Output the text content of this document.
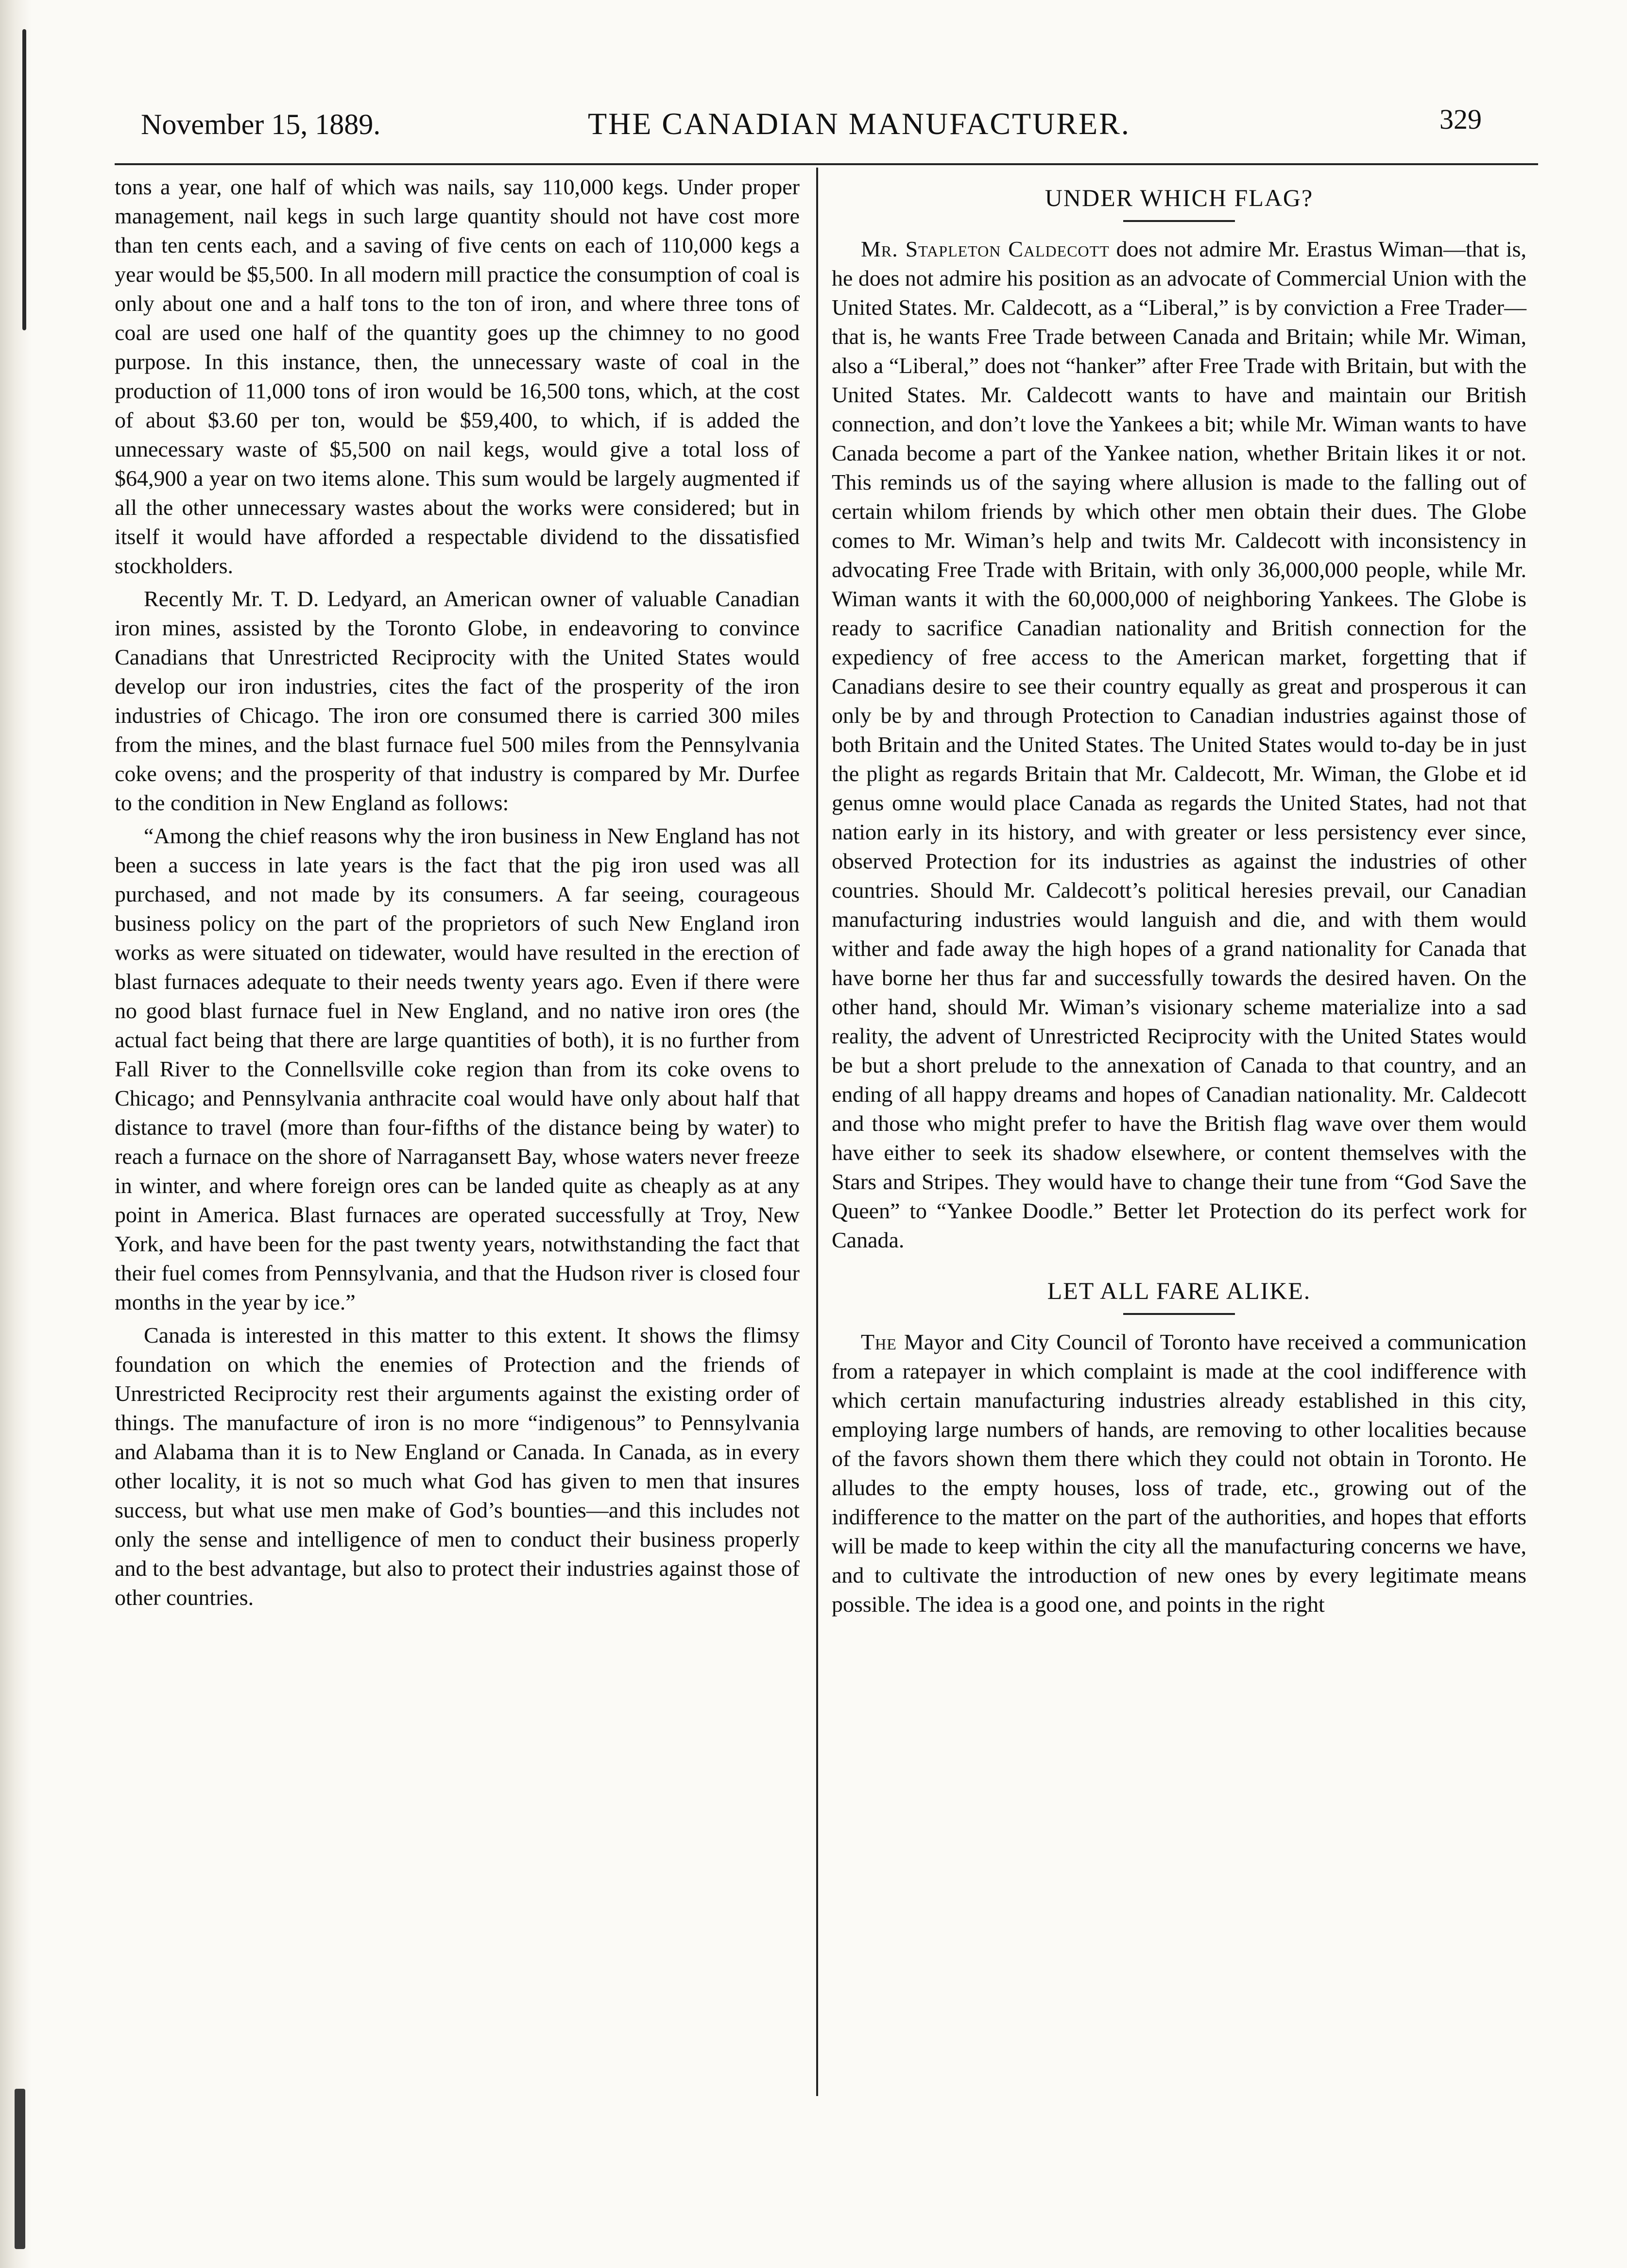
November 15, 1889.	THE CANADIAN MANUFACTURER.	329

tons a year, one half of which was nails, say 110,000 kegs. Under proper management, nail kegs in such large quantity should not have cost more than ten cents each, and a saving of five cents on each of 110,000 kegs a year would be $5,500. In all modern mill practice the consumption of coal is only about one and a half tons to the ton of iron, and where three tons of coal are used one half of the quantity goes up the chimney to no good purpose. In this instance, then, the unnecessary waste of coal in the production of 11,000 tons of iron would be 16,500 tons, which, at the cost of about $3.60 per ton, would be $59,400, to which, if is added the unnecessary waste of $5,500 on nail kegs, would give a total loss of $64,900 a year on two items alone. This sum would be largely augmented if all the other unnecessary wastes about the works were considered; but in itself it would have afforded a respectable dividend to the dissatisfied stockholders.

Recently Mr. T. D. Ledyard, an American owner of valuable Canadian iron mines, assisted by the Toronto Globe, in endeavoring to convince Canadians that Unrestricted Reciprocity with the United States would develop our iron industries, cites the fact of the prosperity of the iron industries of Chicago. The iron ore consumed there is carried 300 miles from the mines, and the blast furnace fuel 500 miles from the Pennsylvania coke ovens; and the prosperity of that industry is compared by Mr. Durfee to the condition in New England as follows:

“Among the chief reasons why the iron business in New England has not been a success in late years is the fact that the pig iron used was all purchased, and not made by its consumers. A far seeing, courageous business policy on the part of the proprietors of such New England iron works as were situated on tidewater, would have resulted in the erection of blast furnaces adequate to their needs twenty years ago. Even if there were no good blast furnace fuel in New England, and no native iron ores (the actual fact being that there are large quantities of both), it is no further from Fall River to the Connellsville coke region than from its coke ovens to Chicago; and Pennsylvania anthracite coal would have only about half that distance to travel (more than four-fifths of the distance being by water) to reach a furnace on the shore of Narragansett Bay, whose waters never freeze in winter, and where foreign ores can be landed quite as cheaply as at any point in America. Blast furnaces are operated successfully at Troy, New York, and have been for the past twenty years, notwithstanding the fact that their fuel comes from Pennsylvania, and that the Hudson river is closed four months in the year by ice.”

Canada is interested in this matter to this extent. It shows the flimsy foundation on which the enemies of Protection and the friends of Unrestricted Reciprocity rest their arguments against the existing order of things. The manufacture of iron is no more “indigenous” to Pennsylvania and Alabama than it is to New England or Canada. In Canada, as in every other locality, it is not so much what God has given to men that insures success, but what use men make of God’s bounties—and this includes not only the sense and intelligence of men to conduct their business properly and to the best advantage, but also to protect their industries against those of other countries.

UNDER WHICH FLAG?

Mr. Stapleton Caldecott does not admire Mr. Erastus Wiman—that is, he does not admire his position as an advocate of Commercial Union with the United States. Mr. Caldecott, as a “Liberal,” is by conviction a Free Trader—that is, he wants Free Trade between Canada and Britain; while Mr. Wiman, also a “Liberal,” does not “hanker” after Free Trade with Britain, but with the United States. Mr. Caldecott wants to have and maintain our British connection, and don’t love the Yankees a bit; while Mr. Wiman wants to have Canada become a part of the Yankee nation, whether Britain likes it or not. This reminds us of the saying where allusion is made to the falling out of certain whilom friends by which other men obtain their dues. The Globe comes to Mr. Wiman’s help and twits Mr. Caldecott with inconsistency in advocating Free Trade with Britain, with only 36,000,000 people, while Mr. Wiman wants it with the 60,000,000 of neighboring Yankees. The Globe is ready to sacrifice Canadian nationality and British connection for the expediency of free access to the American market, forgetting that if Canadians desire to see their country equally as great and prosperous it can only be by and through Protection to Canadian industries against those of both Britain and the United States. The United States would to-day be in just the plight as regards Britain that Mr. Caldecott, Mr. Wiman, the Globe et id genus omne would place Canada as regards the United States, had not that nation early in its history, and with greater or less persistency ever since, observed Protection for its industries as against the industries of other countries. Should Mr. Caldecott’s political heresies prevail, our Canadian manufacturing industries would languish and die, and with them would wither and fade away the high hopes of a grand nationality for Canada that have borne her thus far and successfully towards the desired haven. On the other hand, should Mr. Wiman’s visionary scheme materialize into a sad reality, the advent of Unrestricted Reciprocity with the United States would be but a short prelude to the annexation of Canada to that country, and an ending of all happy dreams and hopes of Canadian nationality. Mr. Caldecott and those who might prefer to have the British flag wave over them would have either to seek its shadow elsewhere, or content themselves with the Stars and Stripes. They would have to change their tune from “God Save the Queen” to “Yankee Doodle.” Better let Protection do its perfect work for Canada.

LET ALL FARE ALIKE.

The Mayor and City Council of Toronto have received a communication from a ratepayer in which complaint is made at the cool indifference with which certain manufacturing industries already established in this city, employing large numbers of hands, are removing to other localities because of the favors shown them there which they could not obtain in Toronto. He alludes to the empty houses, loss of trade, etc., growing out of the indifference to the matter on the part of the authorities, and hopes that efforts will be made to keep within the city all the manufacturing concerns we have, and to cultivate the introduction of new ones by every legitimate means possible. The idea is a good one, and points in the right
